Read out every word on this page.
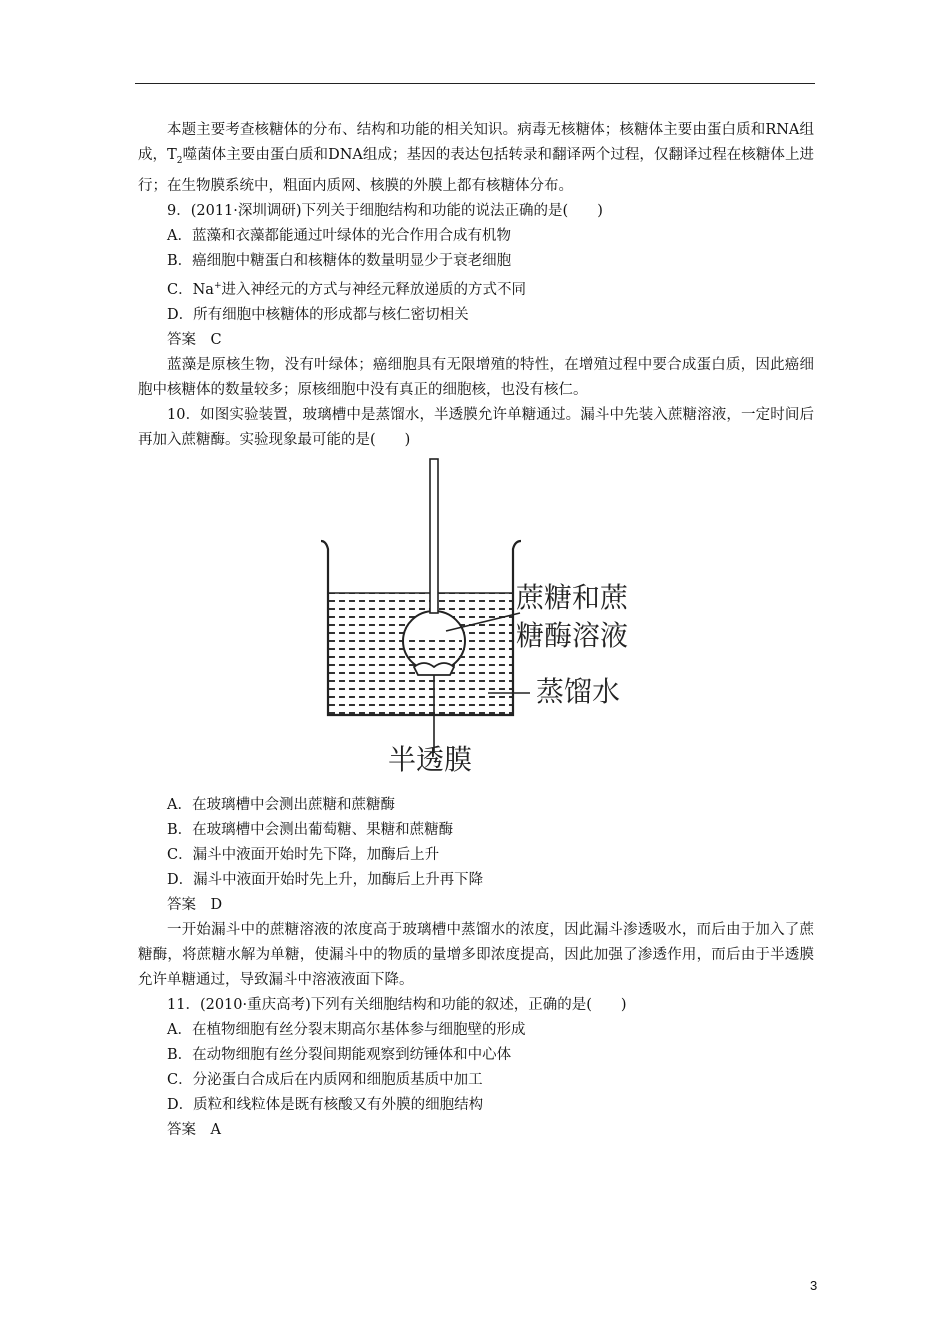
本题主要考查核糖体的分布、结构和功能的相关知识。病毒无核糖体；核糖体主要由蛋白质和RNA组成，$T_2$噬菌体主要由蛋白质和DNA组成；基因的表达包括转录和翻译两个过程，仅翻译过程在核糖体上进行；在生物膜系统中，粗面内质网、核膜的外膜上都有核糖体分布。

9．(2011·深圳调研)下列关于细胞结构和功能的说法正确的是(　　)

A．蓝藻和衣藻都能通过叶绿体的光合作用合成有机物

B．癌细胞中糖蛋白和核糖体的数量明显少于衰老细胞

C．Na+进入神经元的方式与神经元释放递质的方式不同

D．所有细胞中核糖体的形成都与核仁密切相关

答案 C

蓝藻是原核生物，没有叶绿体；癌细胞具有无限增殖的特性，在增殖过程中要合成蛋白质，因此癌细胞中核糖体的数量较多；原核细胞中没有真正的细胞核，也没有核仁。

10．如图实验装置，玻璃槽中是蒸馏水，半透膜允许单糖通过。漏斗中先装入蔗糖溶液，一定时间后再加入蔗糖酶。实验现象最可能的是(　　)

蔗糖和蔗
糖酶溶液
蒸馏水
半透膜

A．在玻璃槽中会测出蔗糖和蔗糖酶

B．在玻璃槽中会测出葡萄糖、果糖和蔗糖酶

C．漏斗中液面开始时先下降，加酶后上升

D．漏斗中液面开始时先上升，加酶后上升再下降

答案 D

一开始漏斗中的蔗糖溶液的浓度高于玻璃槽中蒸馏水的浓度，因此漏斗渗透吸水，而后由于加入了蔗糖酶，将蔗糖水解为单糖，使漏斗中的物质的量增多即浓度提高，因此加强了渗透作用，而后由于半透膜允许单糖通过，导致漏斗中溶液液面下降。

11．(2010·重庆高考)下列有关细胞结构和功能的叙述，正确的是(　　)

A．在植物细胞有丝分裂末期高尔基体参与细胞壁的形成

B．在动物细胞有丝分裂间期能观察到纺锤体和中心体

C．分泌蛋白合成后在内质网和细胞质基质中加工

D．质粒和线粒体是既有核酸又有外膜的细胞结构

答案 A

3
